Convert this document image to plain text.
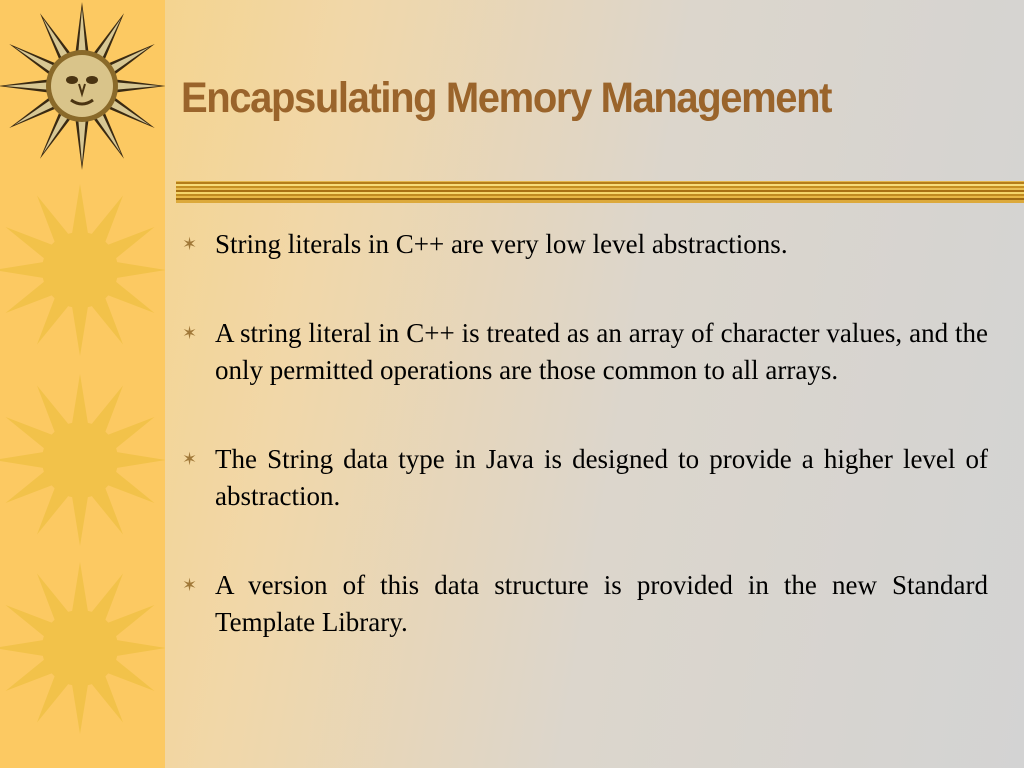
Encapsulating Memory Management
✶ String literals in C++ are very low level abstractions.
✶ A string literal in C++ is treated as an array of character values, and the only permitted operations are those common to all arrays.
✶ The String data type in Java is designed to provide a higher level of abstraction.
✶ A version of this data structure is provided in the new Standard Template Library.
